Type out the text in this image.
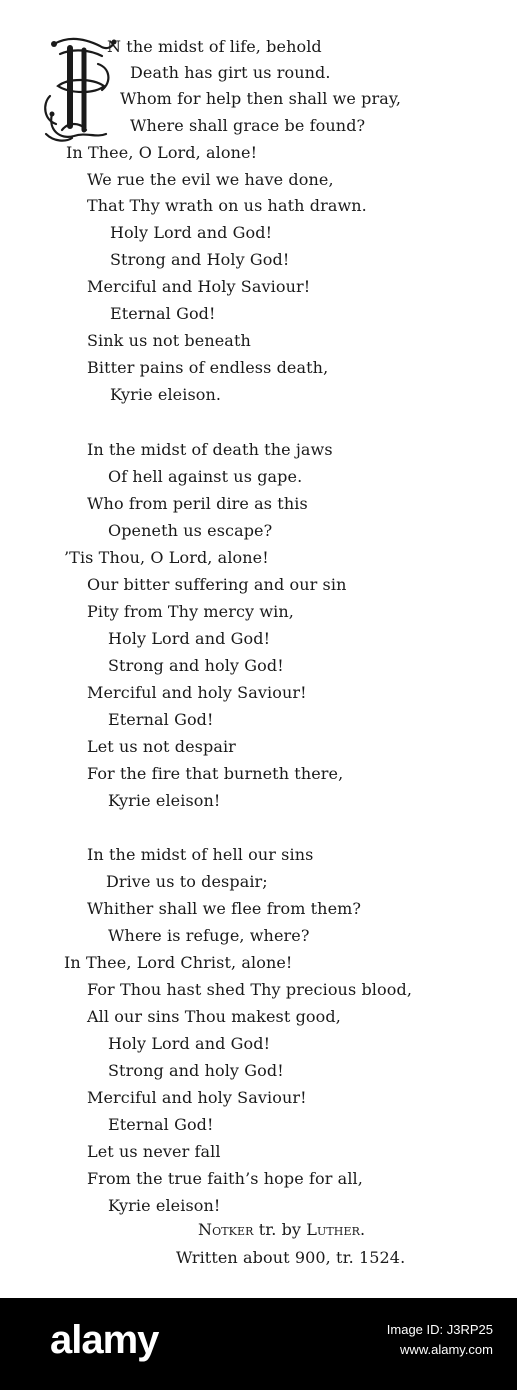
N the midst of life, behold
Death has girt us round.
Whom for help then shall we pray,
Where shall grace be found?
In Thee, O Lord, alone!
We rue the evil we have done,
That Thy wrath on us hath drawn.
Holy Lord and God!
Strong and Holy God!
Merciful and Holy Saviour!
Eternal God!
Sink us not beneath
Bitter pains of endless death,
Kyrie eleison.
In the midst of death the jaws
Of hell against us gape.
Who from peril dire as this
Openeth us escape?
’Tis Thou, O Lord, alone!
Our bitter suffering and our sin
Pity from Thy mercy win,
Holy Lord and God!
Strong and holy God!
Merciful and holy Saviour!
Eternal God!
Let us not despair
For the fire that burneth there,
Kyrie eleison!
In the midst of hell our sins
Drive us to despair;
Whither shall we flee from them?
Where is refuge, where?
In Thee, Lord Christ, alone!
For Thou hast shed Thy precious blood,
All our sins Thou makest good,
Holy Lord and God!
Strong and holy God!
Merciful and holy Saviour!
Eternal God!
Let us never fall
From the true faith’s hope for all,
Kyrie eleison!
Notker tr. by Luther.
Written about 900, tr. 1524.
alamy	Image ID: J3RP25
www.alamy.com
